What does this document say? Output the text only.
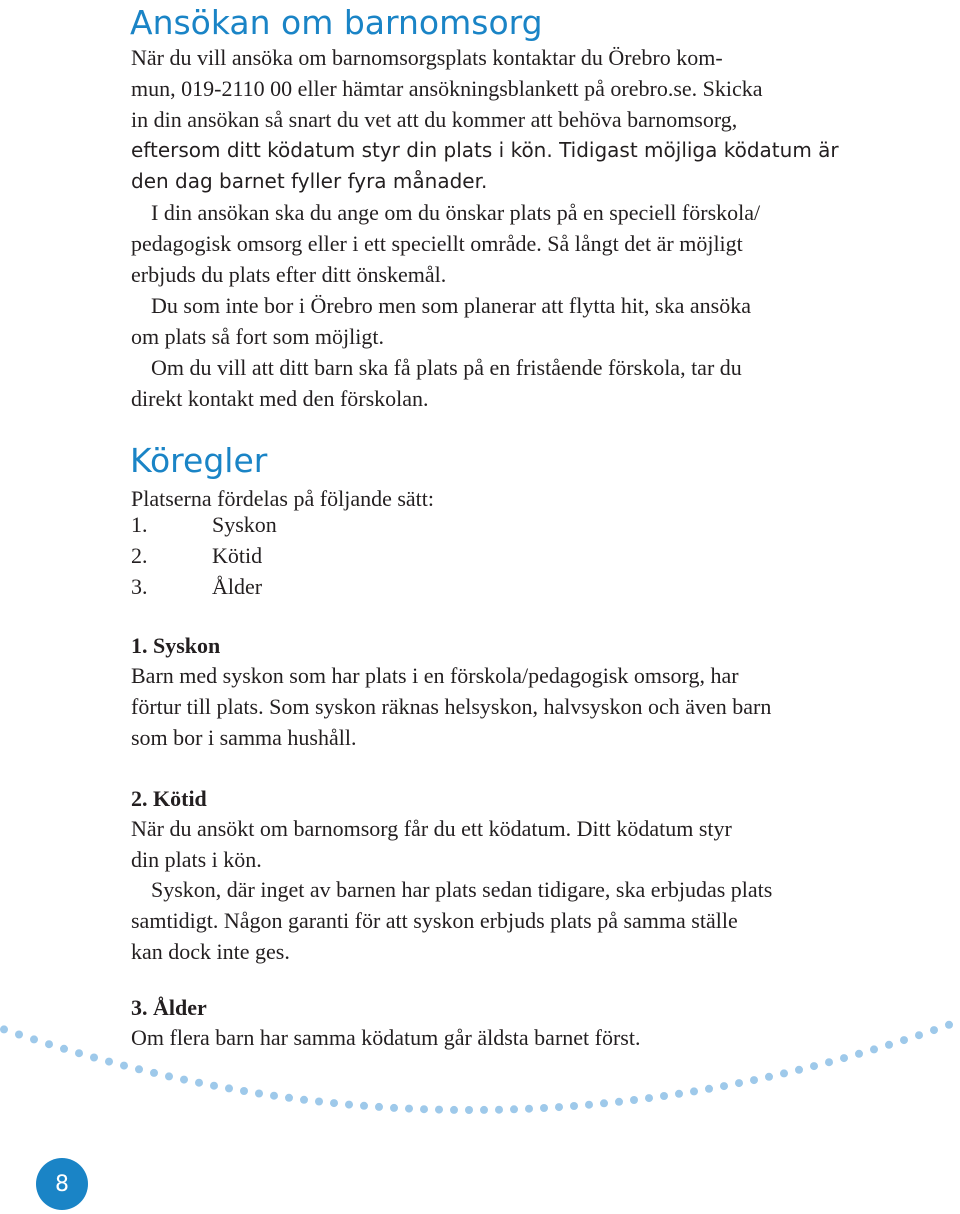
Ansökan om barnomsorg
När du vill ansöka om barnomsorgsplats kontaktar du Örebro kom-
mun, 019-2110 00 eller hämtar ansökningsblankett på orebro.se. Skicka
in din ansökan så snart du vet att du kommer att behöva barnomsorg,
eftersom ditt ködatum styr din plats i kön. Tidigast möjliga ködatum är
den dag barnet fyller fyra månader.
I din ansökan ska du ange om du önskar plats på en speciell förskola/
pedagogisk omsorg eller i ett speciellt område. Så långt det är möjligt
erbjuds du plats efter ditt önskemål.
Du som inte bor i Örebro men som planerar att flytta hit, ska ansöka
om plats så fort som möjligt.
Om du vill att ditt barn ska få plats på en fristående förskola, tar du
direkt kontakt med den förskolan.
Köregler
Platserna fördelas på följande sätt:
1.	Syskon
2.	Kötid
3.	Ålder
1. Syskon
Barn med syskon som har plats i en förskola/pedagogisk omsorg, har
förtur till plats. Som syskon räknas helsyskon, halvsyskon och även barn
som bor i samma hushåll.
2. Kötid
När du ansökt om barnomsorg får du ett ködatum. Ditt ködatum styr
din plats i kön.
Syskon, där inget av barnen har plats sedan tidigare, ska erbjudas plats
samtidigt. Någon garanti för att syskon erbjuds plats på samma ställe
kan dock inte ges.
3. Ålder
Om flera barn har samma ködatum går äldsta barnet först.
8
